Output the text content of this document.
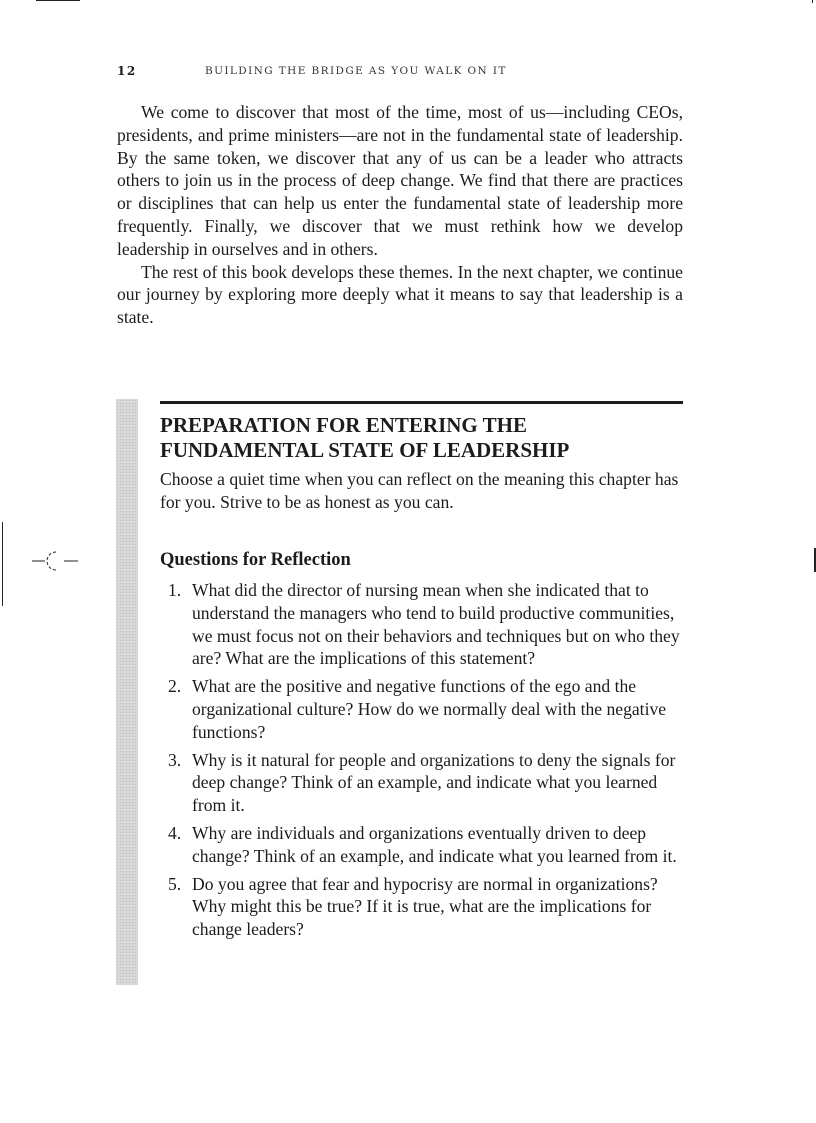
12	BUILDING THE BRIDGE AS YOU WALK ON IT

We come to discover that most of the time, most of us—including CEOs, presidents, and prime ministers—are not in the fundamental state of leadership. By the same token, we discover that any of us can be a leader who attracts others to join us in the process of deep change. We find that there are practices or disciplines that can help us enter the fundamental state of leadership more frequently. Finally, we discover that we must rethink how we develop leadership in ourselves and in others.

The rest of this book develops these themes. In the next chapter, we continue our journey by exploring more deeply what it means to say that leadership is a state.

PREPARATION FOR ENTERING THE
FUNDAMENTAL STATE OF LEADERSHIP

Choose a quiet time when you can reflect on the meaning this chapter has for you. Strive to be as honest as you can.

Questions for Reflection
1. What did the director of nursing mean when she indicated that to understand the managers who tend to build productive communities, we must focus not on their behaviors and techniques but on who they are? What are the implications of this statement?
2. What are the positive and negative functions of the ego and the organizational culture? How do we normally deal with the negative functions?
3. Why is it natural for people and organizations to deny the signals for deep change? Think of an example, and indicate what you learned from it.
4. Why are individuals and organizations eventually driven to deep change? Think of an example, and indicate what you learned from it.
5. Do you agree that fear and hypocrisy are normal in organizations? Why might this be true? If it is true, what are the implications for change leaders?
